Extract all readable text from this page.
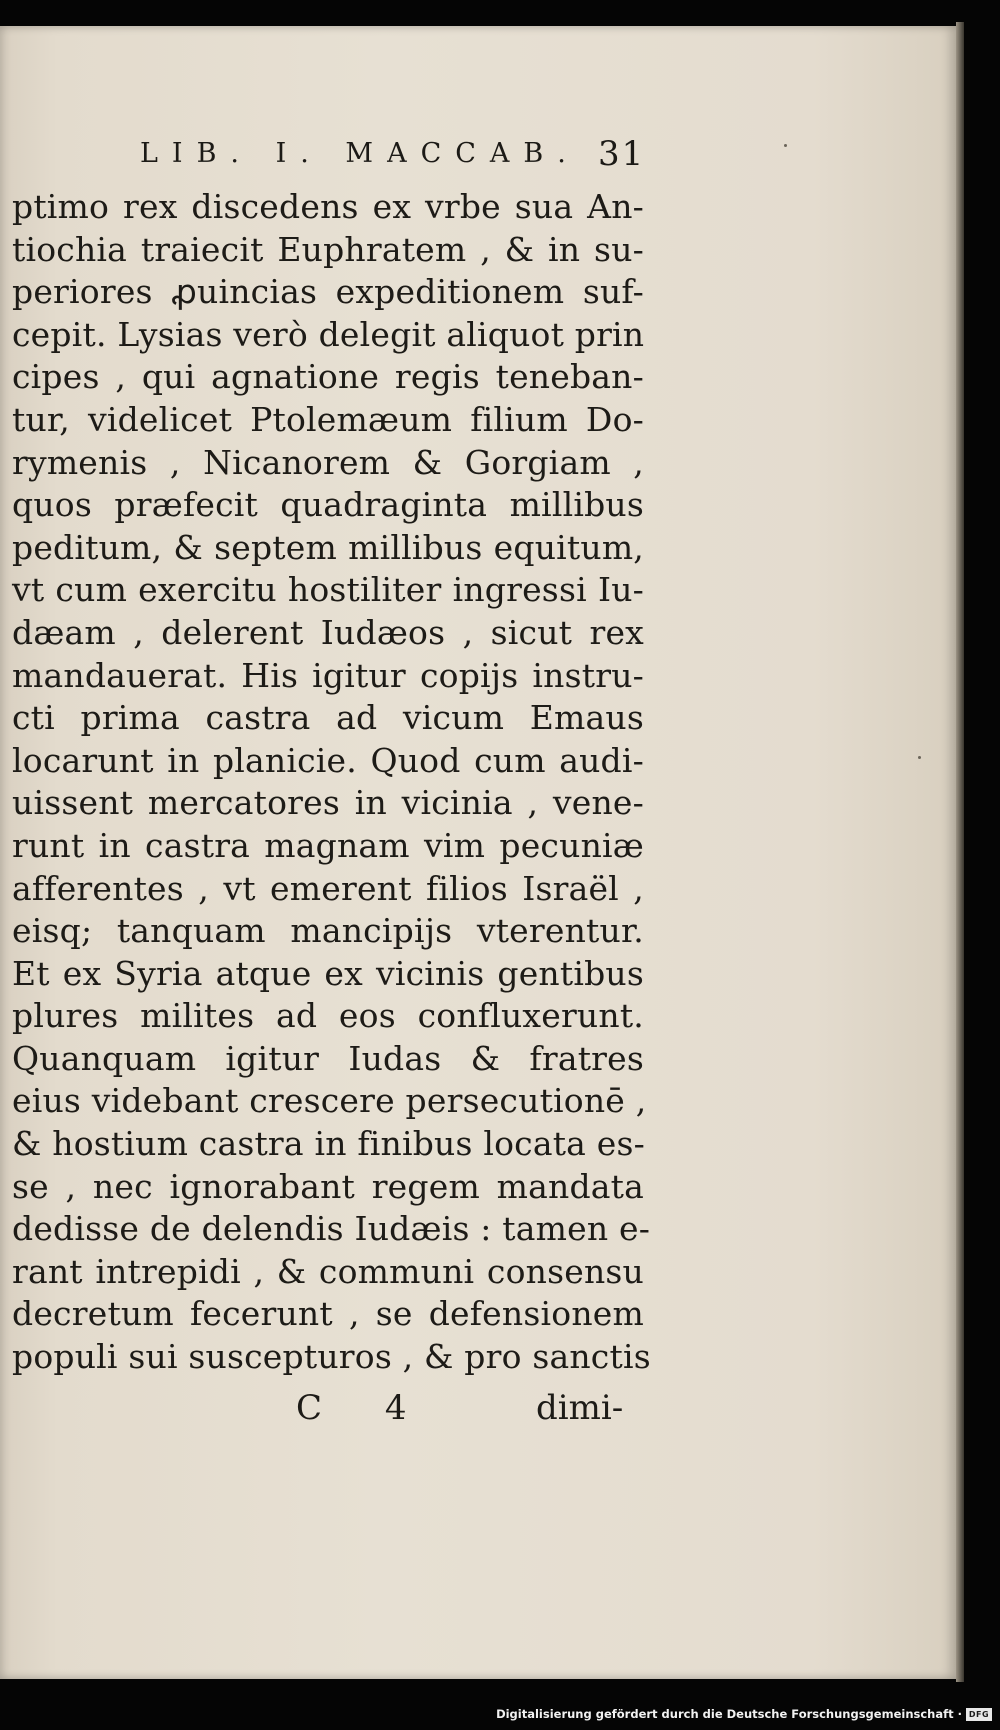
LIB. I. MACCAB. 31
ptimo rex discedens ex vrbe sua An-
tiochia traiecit Euphratem , & in su-
periores ꝓuincias expeditionem suf-
cepit. Lysias verò delegit aliquot prin
cipes , qui agnatione regis teneban-
tur, videlicet Ptolemæum filium Do-
rymenis , Nicanorem & Gorgiam ,
quos præfecit quadraginta millibus
peditum, & septem millibus equitum,
vt cum exercitu hostiliter ingressi Iu-
dæam , delerent Iudæos , sicut rex
mandauerat. His igitur copijs instru-
cti prima castra ad vicum Emaus
locarunt in planicie. Quod cum audi-
uissent mercatores in vicinia , vene-
runt in castra magnam vim pecuniæ
afferentes , vt emerent filios Israël ,
eisq; tanquam mancipijs vterentur.
Et ex Syria atque ex vicinis gentibus
plures milites ad eos confluxerunt.
Quanquam igitur Iudas & fratres
eius videbant crescere persecutionē ,
& hostium castra in finibus locata es-
se , nec ignorabant regem mandata
dedisse de delendis Iudæis : tamen e-
rant intrepidi , & communi consensu
decretum fecerunt , se defensionem
populi sui suscepturos , & pro sanctis
C 4	dimi-
Digitalisierung gefördert durch die Deutsche Forschungsgemeinschaft · DFG
